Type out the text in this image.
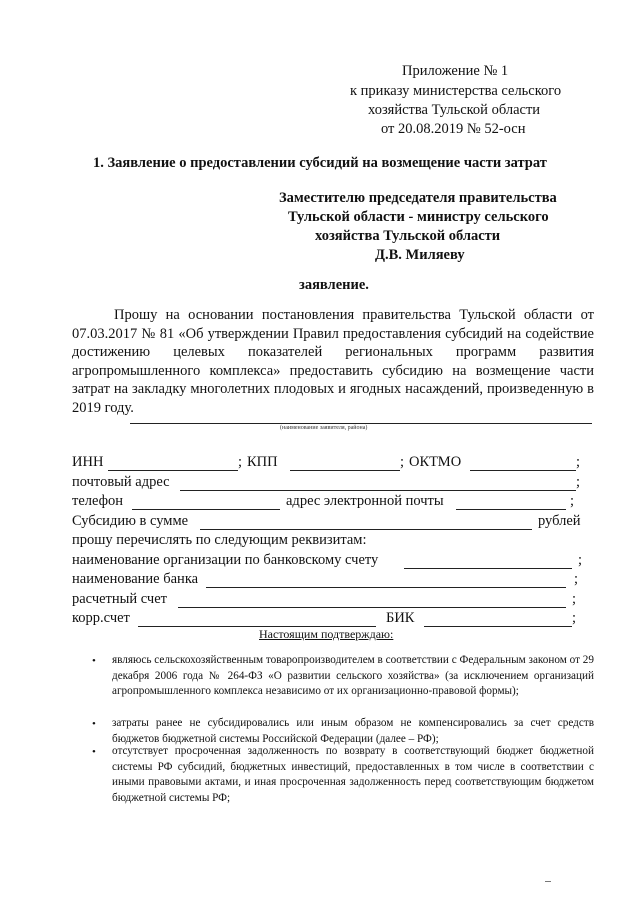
Приложение № 1
к приказу министерства сельского
хозяйства Тульской области
от 20.08.2019 № 52-осн
1. Заявление о предоставлении субсидий на возмещение части затрат
Заместителю председателя правительства
Тульской области - министру сельского
хозяйства Тульской области
Д.В. Миляеву
заявление.
Прошу на основании постановления правительства Тульской области от 07.03.2017 № 81 «Об утверждении Правил предоставления субсидий на содействие достижению целевых показателей региональных программ развития агропромышленного комплекса» предоставить субсидию на возмещение части затрат на закладку многолетних плодовых и ягодных насаждений, произведенную в 2019 году.
(наименование заявителя, района)
ИНН	; КПП	; ОКТМО	;
почтовый адрес	;
телефон	адрес электронной почты	;
Субсидию в сумме	рублей
прошу перечислять по следующим реквизитам:
наименование организации по банковскому счету	;
наименование банка	;
расчетный счет	;
корр.счет	БИК	;
Настоящим подтверждаю:
• являюсь сельскохозяйственным товаропроизводителем в соответствии с Федеральным законом от 29 декабря 2006 года № 264-ФЗ «О развитии сельского хозяйства» (за исключением организаций агропромышленного комплекса независимо от их организационно-правовой формы);
• затраты ранее не субсидировались или иным образом не компенсировались за счет средств бюджетов бюджетной системы Российской Федерации (далее – РФ);
• отсутствует просроченная задолженность по возврату в соответствующий бюджет бюджетной системы РФ субсидий, бюджетных инвестиций, предоставленных в том числе в соответствии с иными правовыми актами, и иная просроченная задолженность перед соответствующим бюджетом бюджетной системы РФ;
